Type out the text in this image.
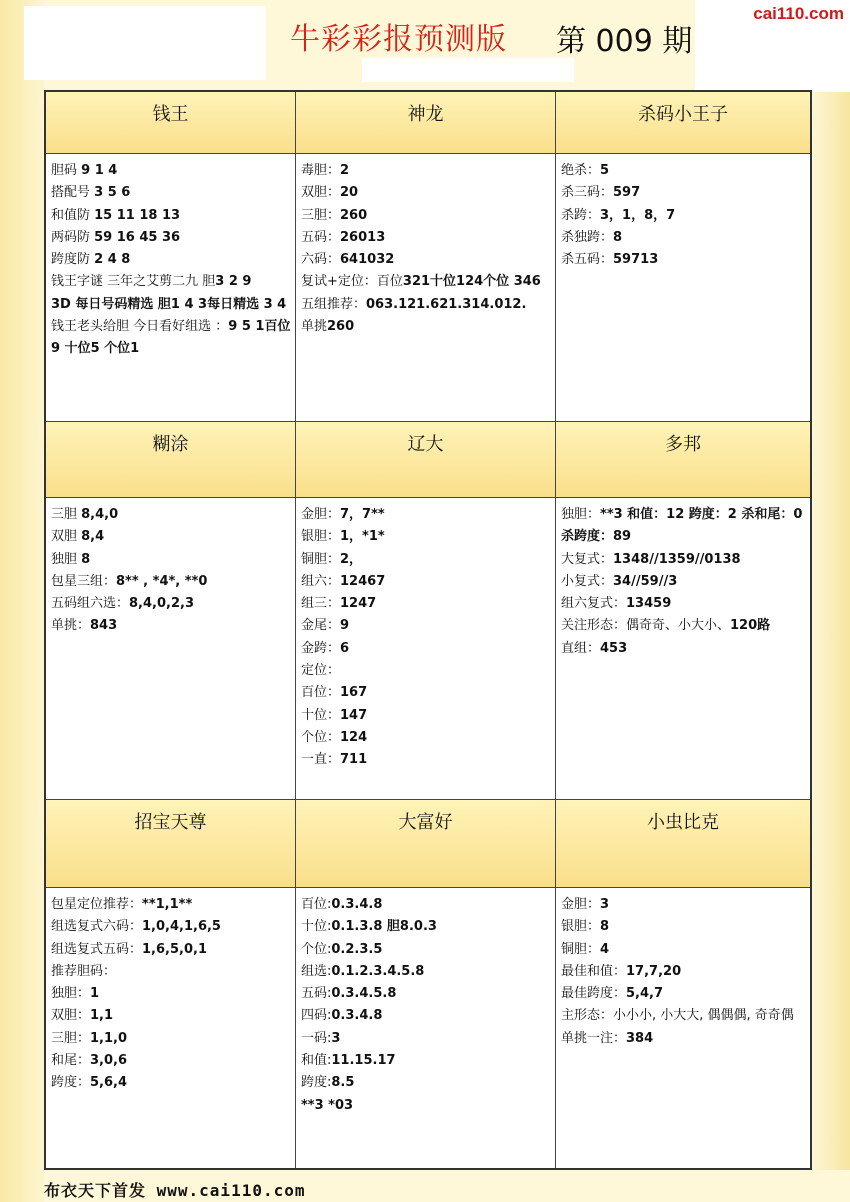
牛彩彩报预测版 第 009 期
cai110.com
钱王
胆码 9 1 4
搭配号 3 5 6
和值防 15 11 18 13
两码防 59 16 45 36
跨度防 2 4 8
钱王字谜 三年之艾剪二九 胆3 2 9
3D 每日号码精选 胆1 4 3每日精选 3 4
钱王老头给胆 今日看好组选 ：9 5 1百位9 十位5 个位1
神龙
毒胆：2
双胆：20
三胆：260
五码：26013
六码：641032
复试+定位：百位321十位124个位 346
五组推荐：063.121.621.314.012.
单挑260
杀码小王子
绝杀：5
杀三码：597
杀跨：3，1，8，7
杀独跨：8
杀五码：59713
糊涂
三胆 8,4,0
双胆 8,4
独胆 8
包星三组：8** , *4*, **0
五码组六选：8,4,0,2,3
单挑：843
辽大
金胆：7，7**
银胆：1，*1*
铜胆：2，
组六：12467
组三：1247
金尾：9
金跨：6
定位：
百位：167
十位：147
个位：124
一直：711
多邦
独胆：**3 和值：12 跨度：2 杀和尾：0 杀跨度：89
大复式：1348//1359//0138
小复式：34//59//3
组六复式：13459
关注形态：偶奇奇、小大小、120路
直组：453
招宝天尊
包星定位推荐：**1,1**
组选复式六码：1,0,4,1,6,5
组选复式五码：1,6,5,0,1
推荐胆码：
独胆：1
双胆：1,1
三胆：1,1,0
和尾：3,0,6
跨度：5,6,4
大富好
百位:0.3.4.8
十位:0.1.3.8 胆8.0.3
个位:0.2.3.5
组选:0.1.2.3.4.5.8
五码:0.3.4.5.8
四码:0.3.4.8
一码:3
和值:11.15.17
跨度:8.5
**3 *03
小虫比克
金胆：3
银胆：8
铜胆：4
最佳和值：17,7,20
最佳跨度：5,4,7
主形态：小小小, 小大大, 偶偶偶, 奇奇偶
单挑一注：384
布衣天下首发 www.cai110.com
